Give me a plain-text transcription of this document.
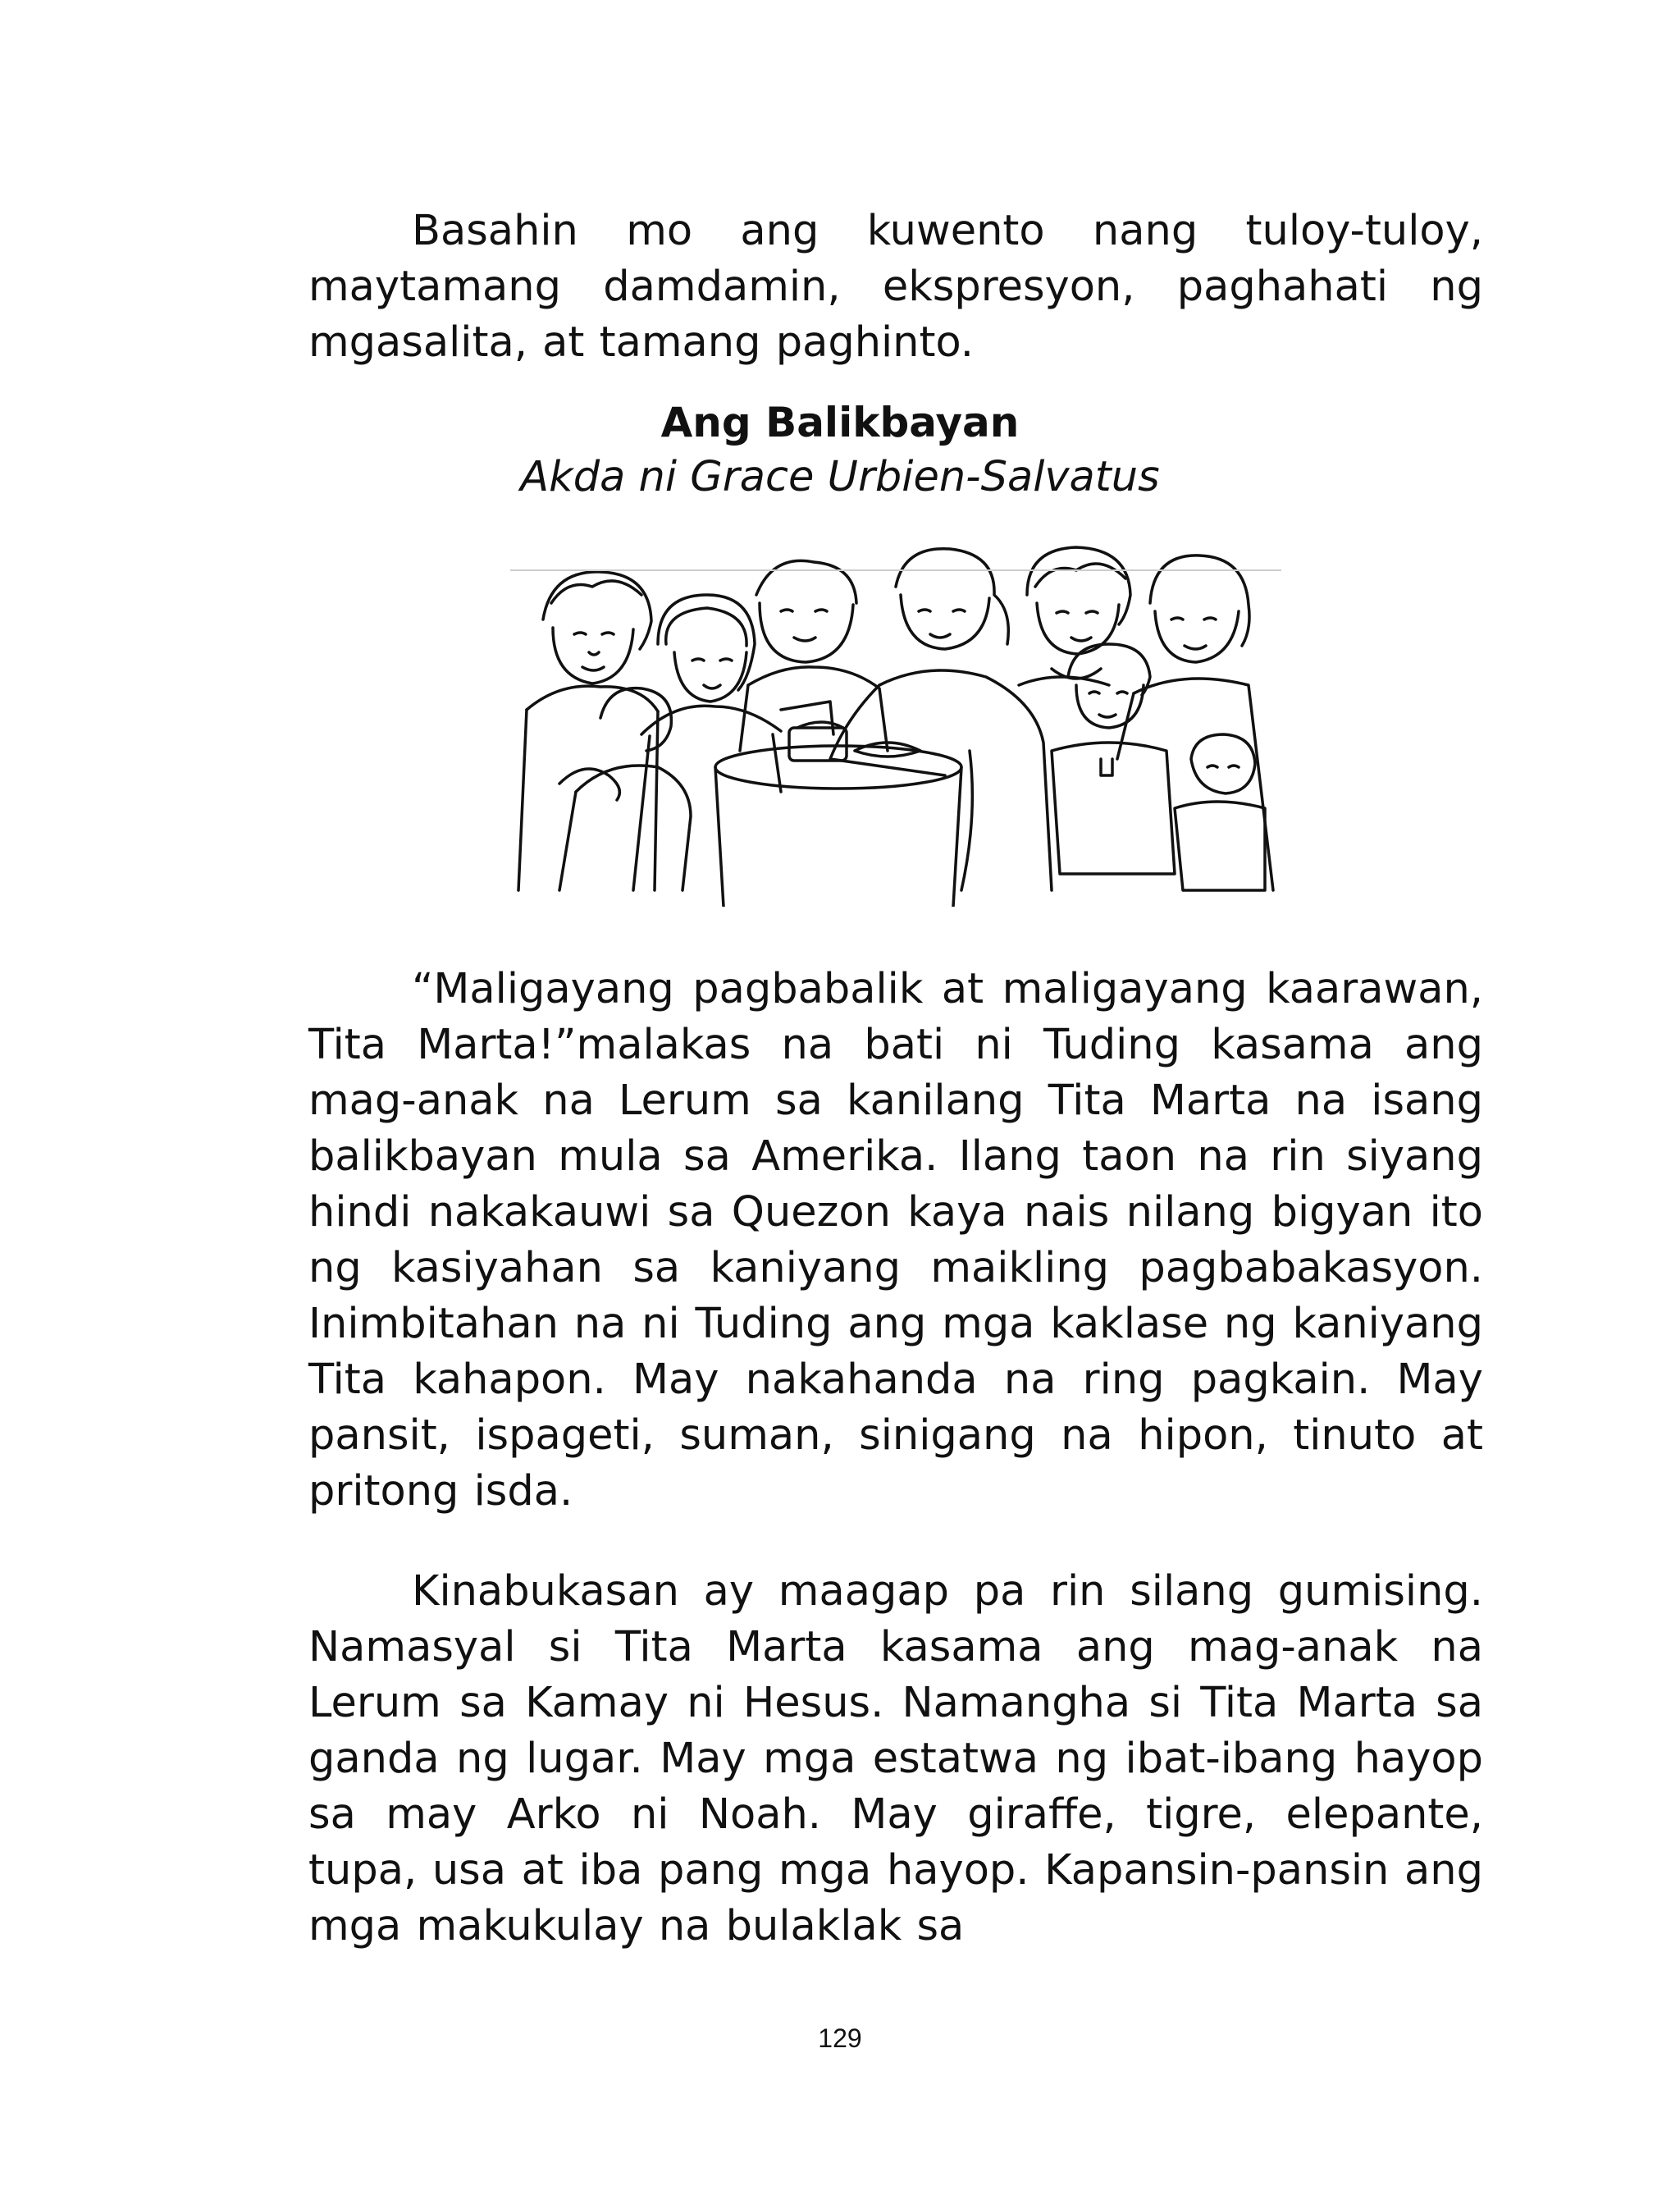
Basahin mo ang kuwento nang tuloy-tuloy, maytamang damdamin, ekspresyon, paghahati ng mgasalita, at tamang paghinto.

Ang Balikbayan
Akda ni Grace Urbien-Salvatus

“Maligayang pagbabalik at maligayang kaarawan, Tita Marta!”malakas na bati ni Tuding kasama ang mag-anak na Lerum sa kanilang Tita Marta na isang balikbayan mula sa Amerika. Ilang taon na rin siyang hindi nakakauwi sa Quezon kaya nais nilang bigyan ito ng kasiyahan sa kaniyang maikling pagbabakasyon. Inimbitahan na ni Tuding ang mga kaklase ng kaniyang Tita kahapon. May nakahanda na ring pagkain. May pansit, ispageti, suman, sinigang na hipon, tinuto at pritong isda.

Kinabukasan ay maagap pa rin silang gumising. Namasyal si Tita Marta kasama ang mag-anak na Lerum sa Kamay ni Hesus. Namangha si Tita Marta sa ganda ng lugar. May mga estatwa ng ibat-ibang hayop sa may Arko ni Noah. May giraffe, tigre, elepante, tupa, usa at iba pang mga hayop. Kapansin-pansin ang mga makukulay na bulaklak sa

129
